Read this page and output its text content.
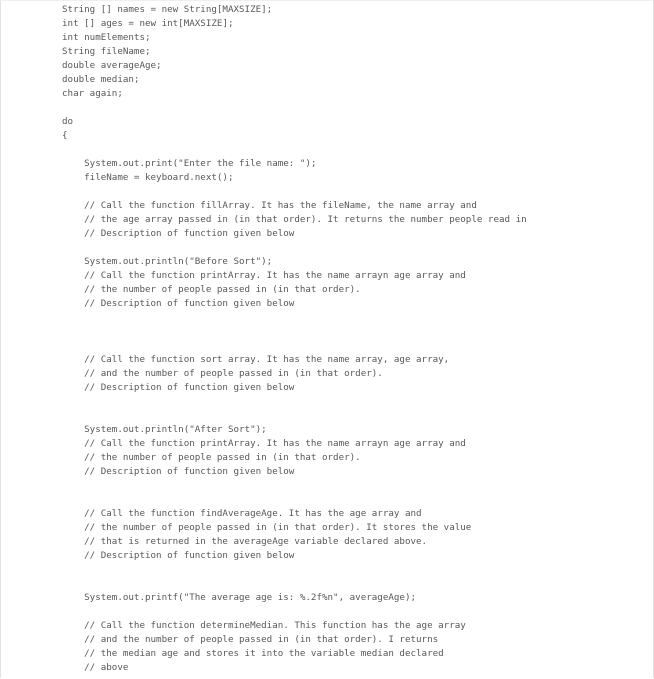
String [] names = new String[MAXSIZE];
int [] ages = new int[MAXSIZE];
int numElements;
String fileName;
double averageAge;
double median;
char again;
do
{
System.out.print("Enter the file name: ");
fileName = keyboard.next();
// Call the function fillArray. It has the fileName, the name array and
// the age array passed in (in that order). It returns the number people read in
// Description of function given below
System.out.println("Before Sort");
// Call the function printArray. It has the name arrayn age array and
// the number of people passed in (in that order).
// Description of function given below
// Call the function sort array. It has the name array, age array,
// and the number of people passed in (in that order).
// Description of function given below
System.out.println("After Sort");
// Call the function printArray. It has the name arrayn age array and
// the number of people passed in (in that order).
// Description of function given below
// Call the function findAverageAge. It has the age array and
// the number of people passed in (in that order). It stores the value
// that is returned in the averageAge variable declared above.
// Description of function given below
System.out.printf("The average age is: %.2f%n", averageAge);
// Call the function determineMedian. This function has the age array
// and the number of people passed in (in that order). I returns
// the median age and stores it into the variable median declared
// above
